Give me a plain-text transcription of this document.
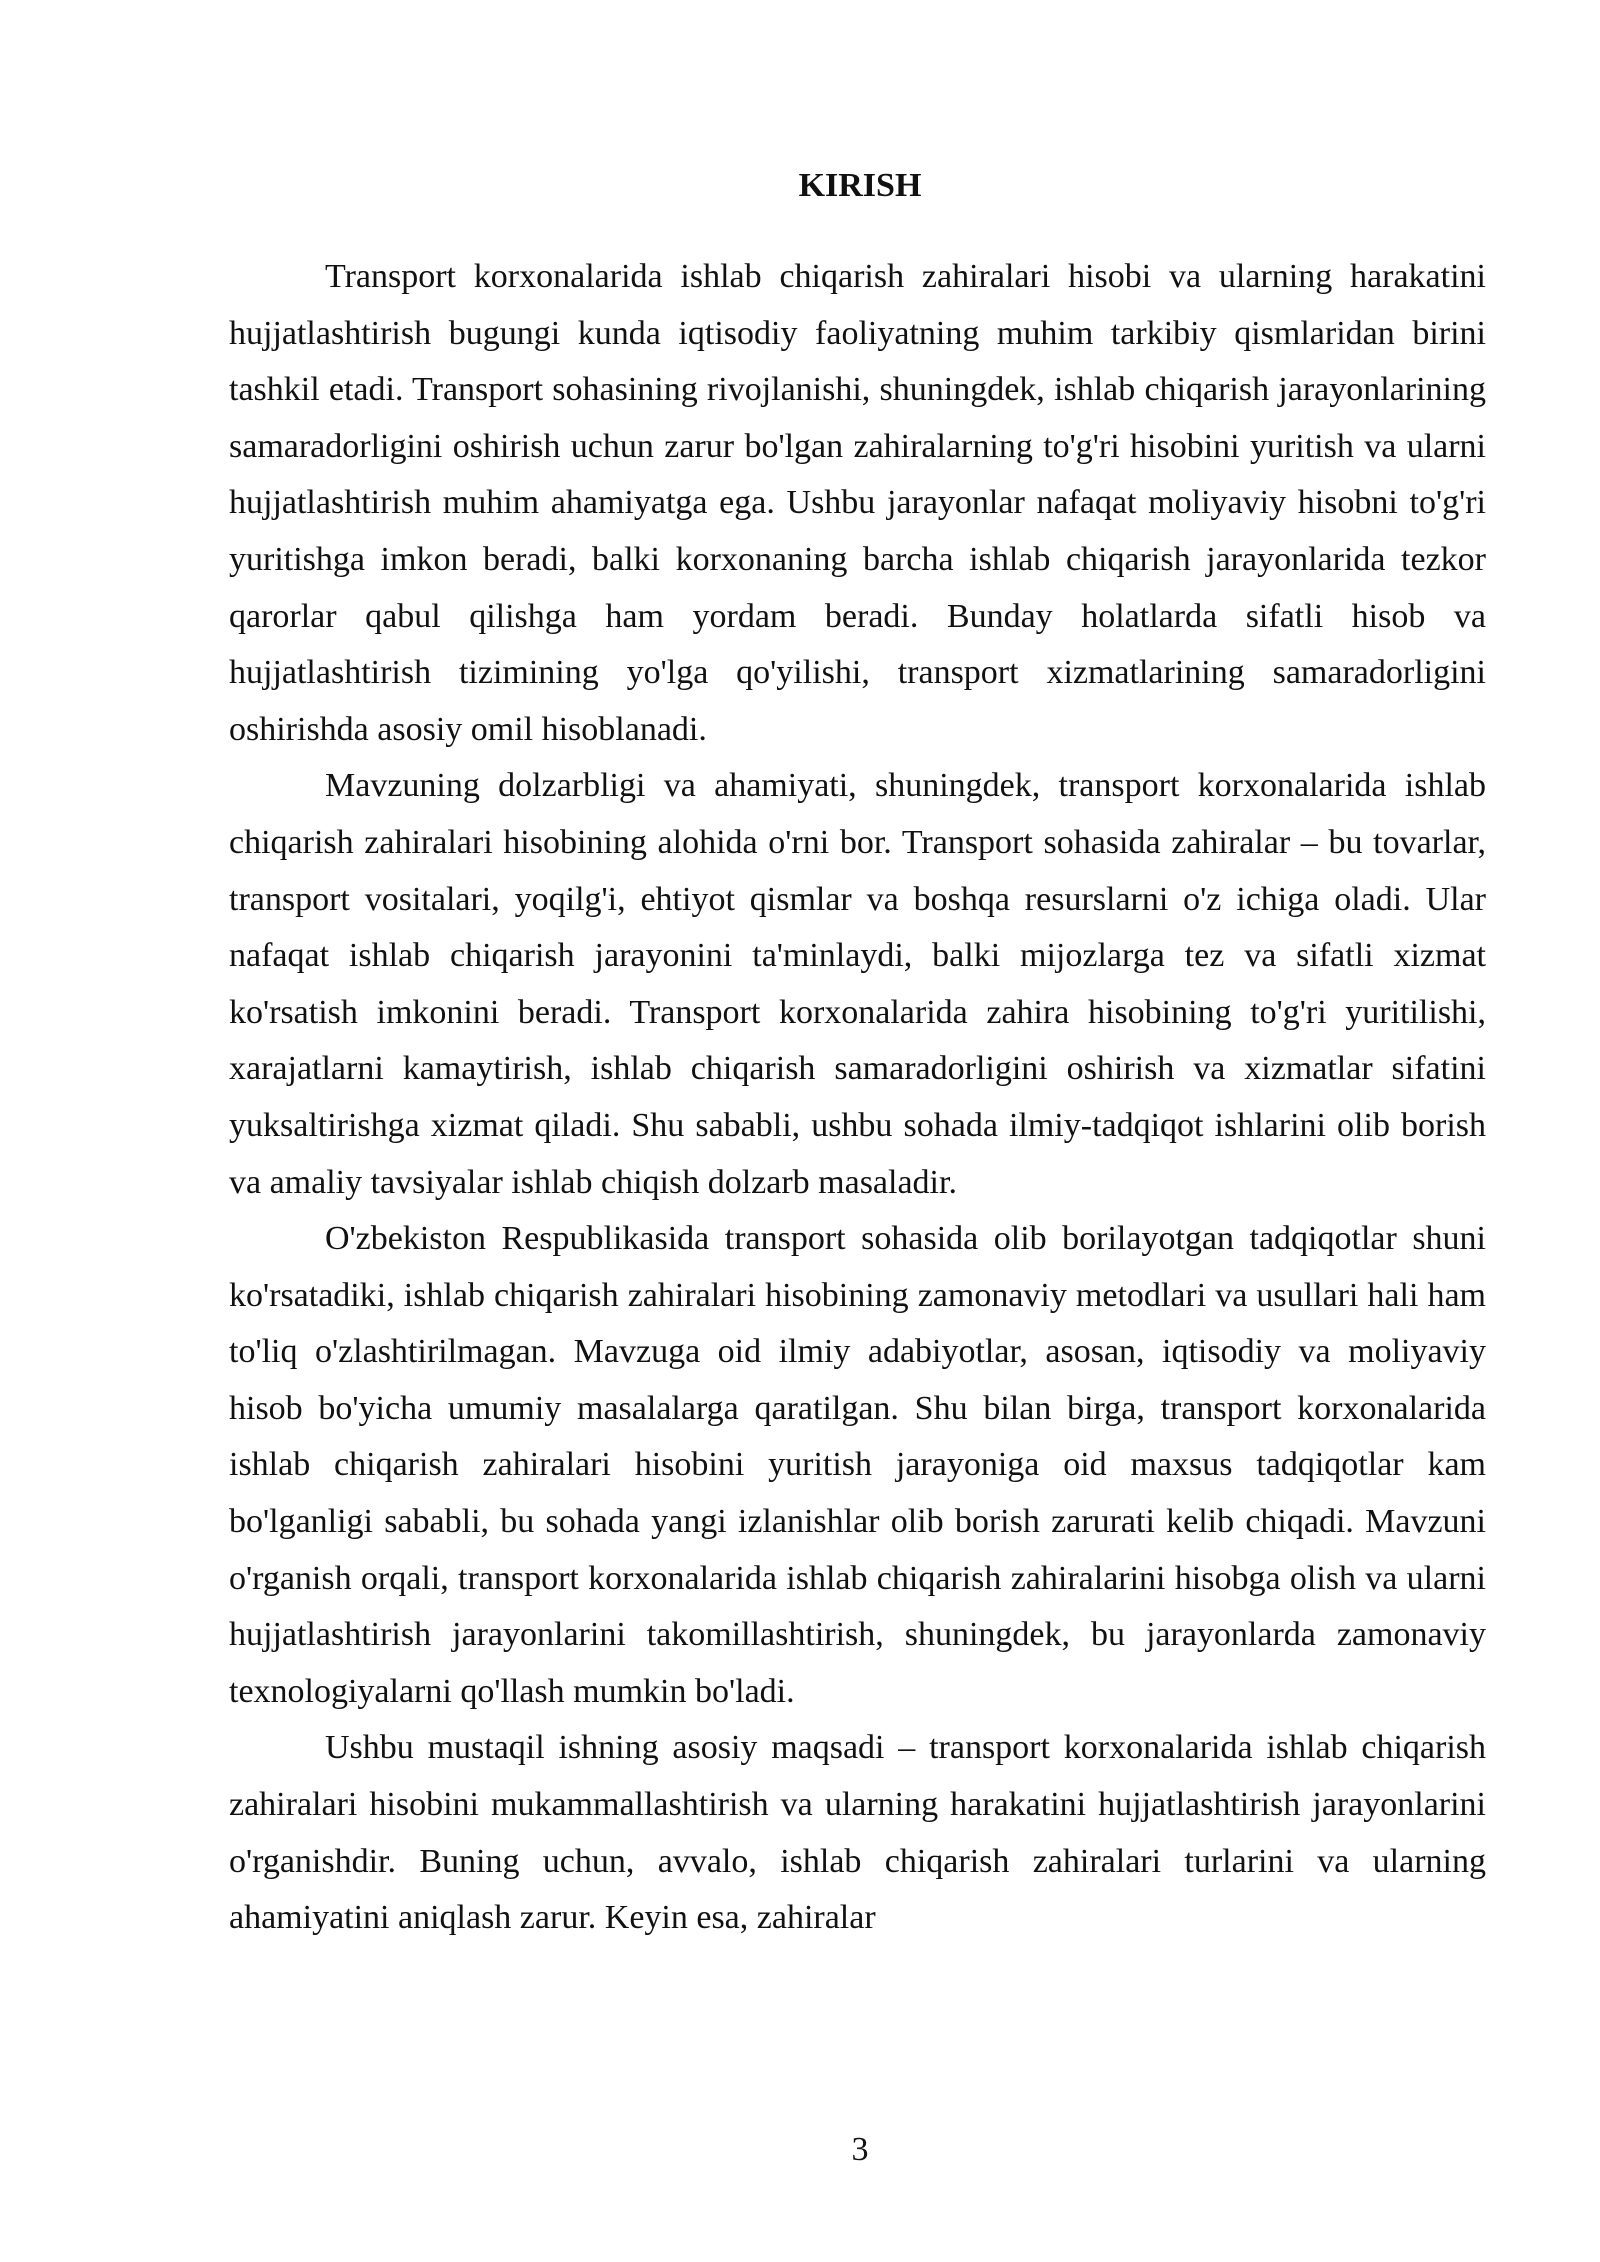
KIRISH

Transport korxonalarida ishlab chiqarish zahiralari hisobi va ularning harakatini hujjatlashtirish bugungi kunda iqtisodiy faoliyatning muhim tarkibiy qismlaridan birini tashkil etadi. Transport sohasining rivojlanishi, shuningdek, ishlab chiqarish jarayonlarining samaradorligini oshirish uchun zarur bo'lgan zahiralarning to'g'ri hisobini yuritish va ularni hujjatlashtirish muhim ahamiyatga ega. Ushbu jarayonlar nafaqat moliyaviy hisobni to'g'ri yuritishga imkon beradi, balki korxonaning barcha ishlab chiqarish jarayonlarida tezkor qarorlar qabul qilishga ham yordam beradi. Bunday holatlarda sifatli hisob va hujjatlashtirish tizimining yo'lga qo'yilishi, transport xizmatlarining samaradorligini oshirishda asosiy omil hisoblanadi.

Mavzuning dolzarbligi va ahamiyati, shuningdek, transport korxonalarida ishlab chiqarish zahiralari hisobining alohida o'rni bor. Transport sohasida zahiralar – bu tovarlar, transport vositalari, yoqilg'i, ehtiyot qismlar va boshqa resurslarni o'z ichiga oladi. Ular nafaqat ishlab chiqarish jarayonini ta'minlaydi, balki mijozlarga tez va sifatli xizmat ko'rsatish imkonini beradi. Transport korxonalarida zahira hisobining to'g'ri yuritilishi, xarajatlarni kamaytirish, ishlab chiqarish samaradorligini oshirish va xizmatlar sifatini yuksaltirishga xizmat qiladi. Shu sababli, ushbu sohada ilmiy-tadqiqot ishlarini olib borish va amaliy tavsiyalar ishlab chiqish dolzarb masaladir.

O'zbekiston Respublikasida transport sohasida olib borilayotgan tadqiqotlar shuni ko'rsatadiki, ishlab chiqarish zahiralari hisobining zamonaviy metodlari va usullari hali ham to'liq o'zlashtirilmagan. Mavzuga oid ilmiy adabiyotlar, asosan, iqtisodiy va moliyaviy hisob bo'yicha umumiy masalalarga qaratilgan. Shu bilan birga, transport korxonalarida ishlab chiqarish zahiralari hisobini yuritish jarayoniga oid maxsus tadqiqotlar kam bo'lganligi sababli, bu sohada yangi izlanishlar olib borish zarurati kelib chiqadi. Mavzuni o'rganish orqali, transport korxonalarida ishlab chiqarish zahiralarini hisobga olish va ularni hujjatlashtirish jarayonlarini takomillashtirish, shuningdek, bu jarayonlarda zamonaviy texnologiyalarni qo'llash mumkin bo'ladi.

Ushbu mustaqil ishning asosiy maqsadi – transport korxonalarida ishlab chiqarish zahiralari hisobini mukammallashtirish va ularning harakatini hujjatlashtirish jarayonlarini o'rganishdir. Buning uchun, avvalo, ishlab chiqarish zahiralari turlarini va ularning ahamiyatini aniqlash zarur. Keyin esa, zahiralar

3
